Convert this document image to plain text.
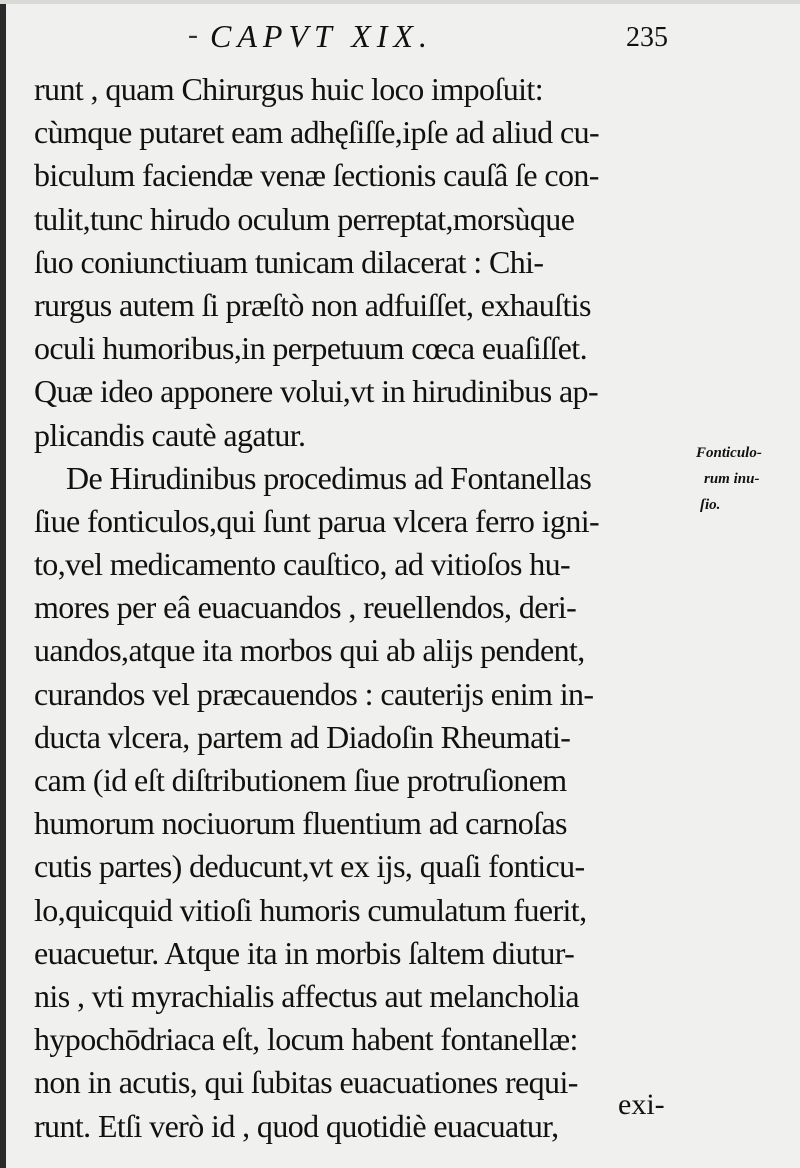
- CAPVT XIX.	235
runt , quam Chirurgus huic loco impoſuit:
cùmque putaret eam adhęſiſſe,ipſe ad aliud cu-
biculum faciendæ venæ ſectionis cauſâ ſe con-
tulit,tunc hirudo oculum perreptat,morsùque
ſuo coniunctiuam tunicam dilacerat : Chi-
rurgus autem ſi præſtò non adfuiſſet, exhauſtis
oculi humoribus,in perpetuum cœca euaſiſſet.
Quæ ideo apponere volui,vt in hirudinibus ap-
plicandis cautè agatur.
De Hirudinibus procedimus ad Fontanellas
ſiue fonticulos,qui ſunt parua vlcera ferro igni-
to,vel medicamento cauſtico, ad vitioſos hu-
mores per eâ euacuandos , reuellendos, deri-
uandos,atque ita morbos qui ab alijs pendent,
curandos vel præcauendos : cauterijs enim in-
ducta vlcera, partem ad Diadoſin Rheumati-
cam (id eſt diſtributionem ſiue protruſionem
humorum nociuorum fluentium ad carnoſas
cutis partes) deducunt,vt ex ijs, quaſi fonticu-
lo,quicquid vitioſi humoris cumulatum fuerit,
euacuetur. Atque ita in morbis ſaltem diutur-
nis , vti myrachialis affectus aut melancholia
hypochōdriaca eſt, locum habent fontanellæ:
non in acutis, qui ſubitas euacuationes requi-
runt. Etſi verò id , quod quotidiè euacuatur,
Fonticulo-
rum inu-
ſio.
exi-
